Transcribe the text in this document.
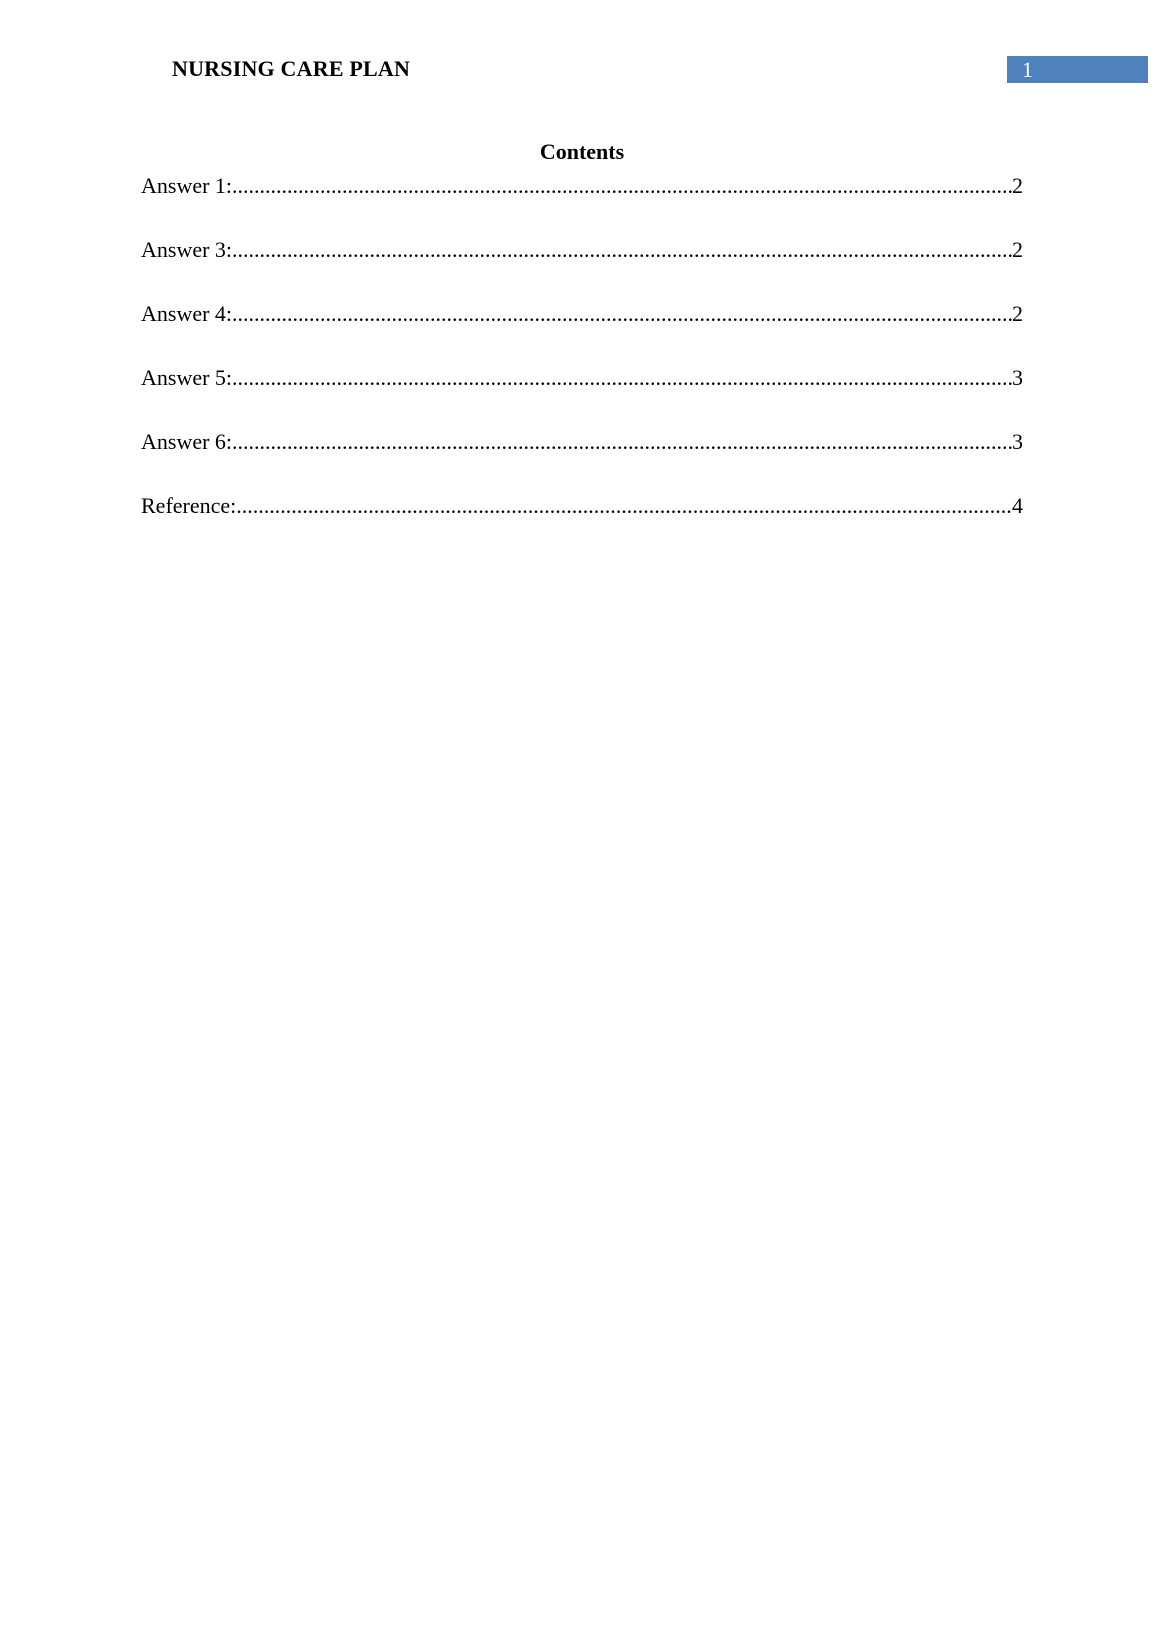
NURSING CARE PLAN	1
Contents
Answer 1: .....	2
Answer 3: .....	2
Answer 4: .....	2
Answer 5: .....	3
Answer 6: .....	3
Reference: .....	4
